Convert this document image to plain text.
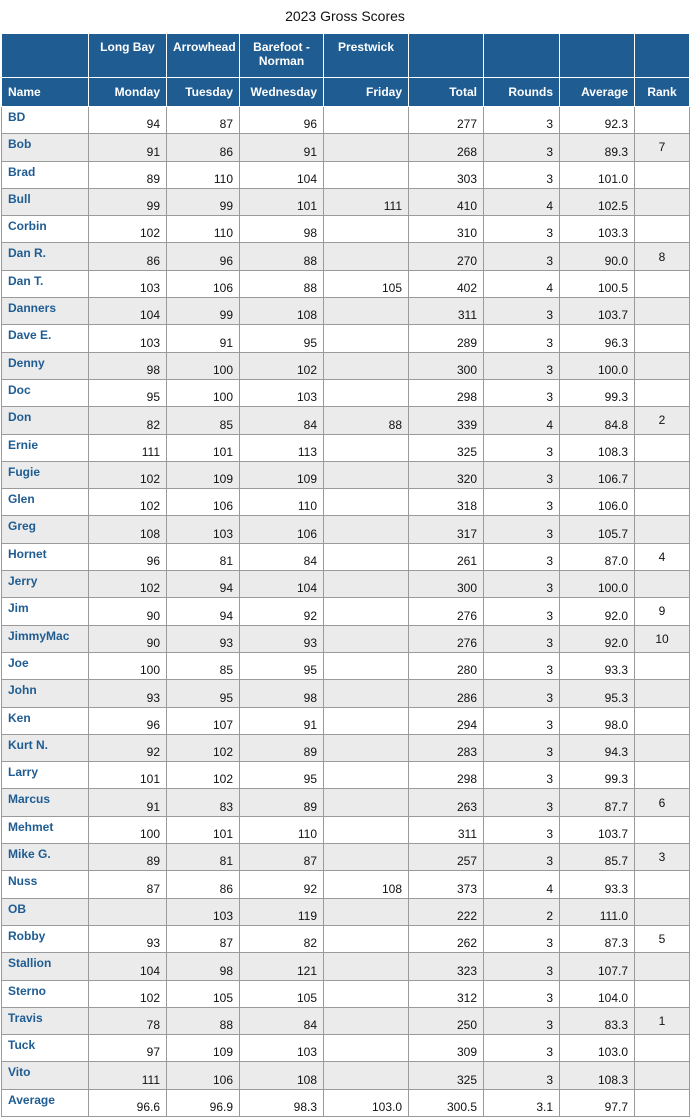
2023 Gross Scores
	Long Bay	Arrowhead	Barefoot - Norman	Prestwick				
Name	Monday	Tuesday	Wednesday	Friday	Total	Rounds	Average	Rank
BD	94	87	96		277	3	92.3	
Bob	91	86	91		268	3	89.3	7
Brad	89	110	104		303	3	101.0	
Bull	99	99	101	111	410	4	102.5	
Corbin	102	110	98		310	3	103.3	
Dan R.	86	96	88		270	3	90.0	8
Dan T.	103	106	88	105	402	4	100.5	
Danners	104	99	108		311	3	103.7	
Dave E.	103	91	95		289	3	96.3	
Denny	98	100	102		300	3	100.0	
Doc	95	100	103		298	3	99.3	
Don	82	85	84	88	339	4	84.8	2
Ernie	111	101	113		325	3	108.3	
Fugie	102	109	109		320	3	106.7	
Glen	102	106	110		318	3	106.0	
Greg	108	103	106		317	3	105.7	
Hornet	96	81	84		261	3	87.0	4
Jerry	102	94	104		300	3	100.0	
Jim	90	94	92		276	3	92.0	9
JimmyMac	90	93	93		276	3	92.0	10
Joe	100	85	95		280	3	93.3	
John	93	95	98		286	3	95.3	
Ken	96	107	91		294	3	98.0	
Kurt N.	92	102	89		283	3	94.3	
Larry	101	102	95		298	3	99.3	
Marcus	91	83	89		263	3	87.7	6
Mehmet	100	101	110		311	3	103.7	
Mike G.	89	81	87		257	3	85.7	3
Nuss	87	86	92	108	373	4	93.3	
OB		103	119		222	2	111.0	
Robby	93	87	82		262	3	87.3	5
Stallion	104	98	121		323	3	107.7	
Sterno	102	105	105		312	3	104.0	
Travis	78	88	84		250	3	83.3	1
Tuck	97	109	103		309	3	103.0	
Vito	111	106	108		325	3	108.3	
Average	96.6	96.9	98.3	103.0	300.5	3.1	97.7	
